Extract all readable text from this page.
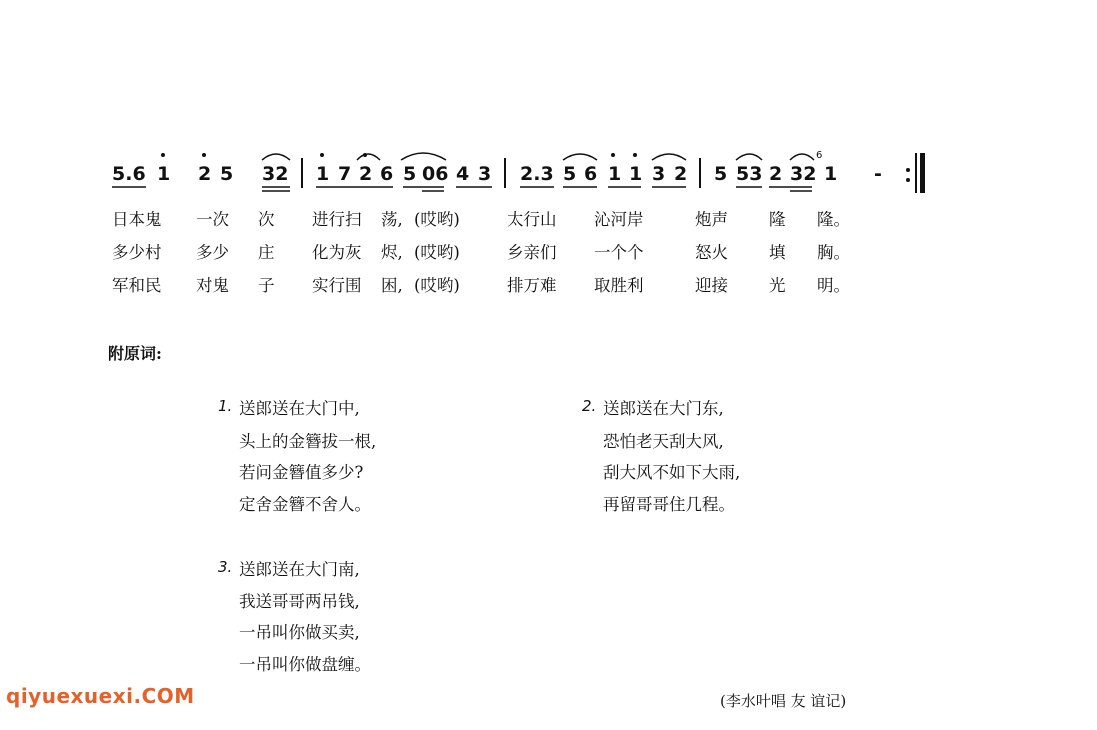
5.6 1 2 5 32 1 7 2 6 5 06 4 3 2.3 5 6 1 1 3 2 5 53 2 32 1 -
6
日本鬼 一次 次 进行扫 荡, (哎哟)	太行山 沁河岸	炮声 隆 隆。
多少村 多少 庄 化为灰 烬, (哎哟)	乡亲们 一个个	怒火 填 胸。
军和民 对鬼 子 实行围 困, (哎哟)	排万难 取胜利	迎接 光 明。
附原词:
1. 送郎送在大门中,
头上的金簪拔一根,
若问金簪值多少?
定舍金簪不舍人。
2. 送郎送在大门东,
恐怕老天刮大风,
刮大风不如下大雨,
再留哥哥住几程。
3. 送郎送在大门南,
我送哥哥两吊钱,
一吊叫你做买卖,
一吊叫你做盘缠。
qiyuexuexi.COM	(李水叶唱 友 谊记)
